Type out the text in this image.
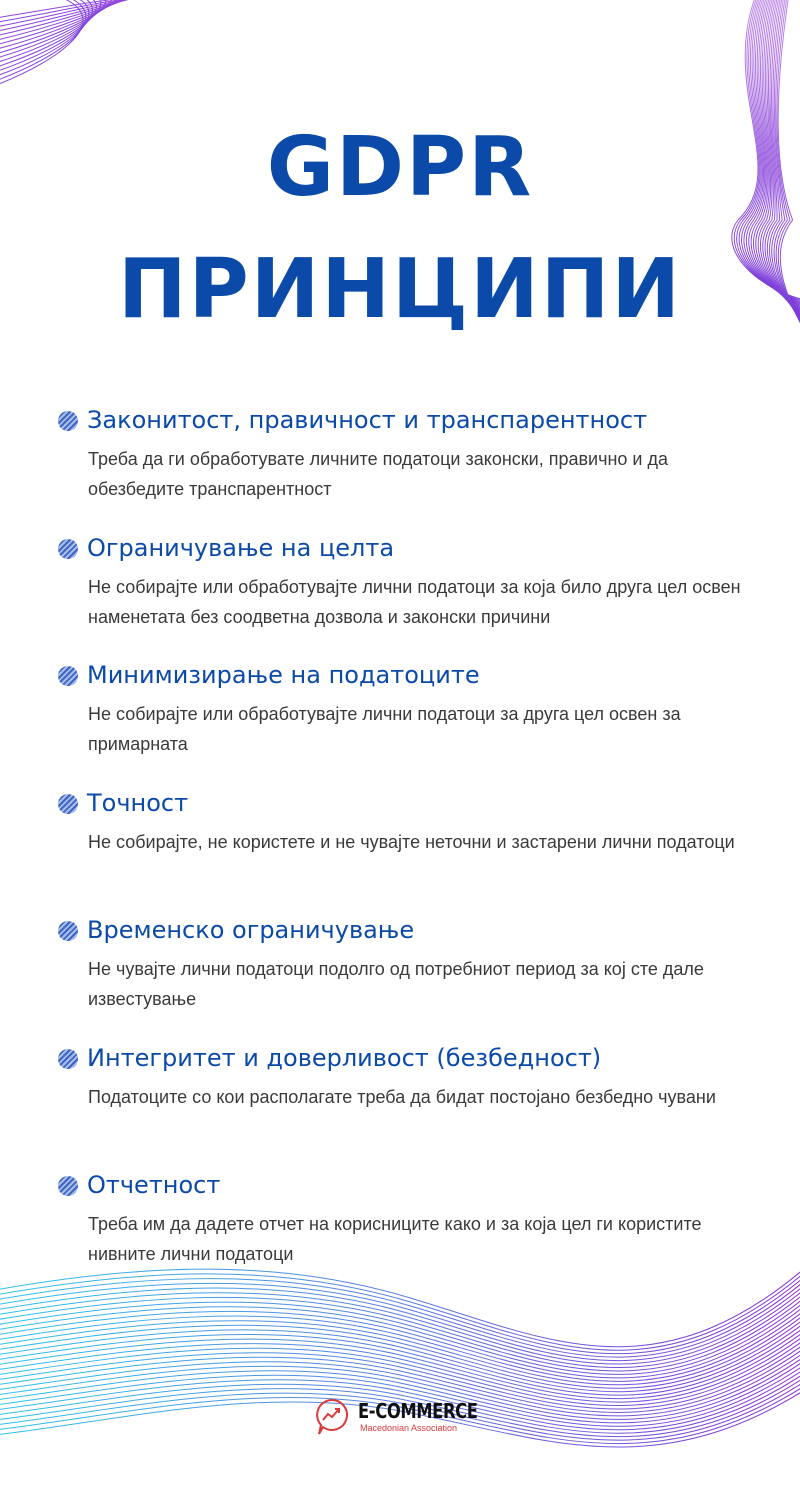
GDPR
ПРИНЦИПИ
Законитост, правичност и транспарентност
Треба да ги обработувате личните податоци законски, правично и да обезбедите транспарентност
Ограничување на целта
Не собирајте или обработувајте лични податоци за која било друга цел освен наменетата без соодветна дозвола и законски причини
Минимизирање на податоците
Не собирајте или обработувајте лични податоци за друга цел освен за примарната
Точност
Не собирајте, не користете и не чувајте неточни и застарени лични податоци
Временско ограничување
Не чувајте лични податоци подолго од потребниот период за кој сте дале известување
Интегритет и доверливост (безбедност)
Податоците со кои располагате треба да бидат постојано безбедно чувани
Отчетност
Треба им да дадете отчет на корисниците како и за која цел ги користите нивните лични податоци
E-COMMERCE
Macedonian Association
